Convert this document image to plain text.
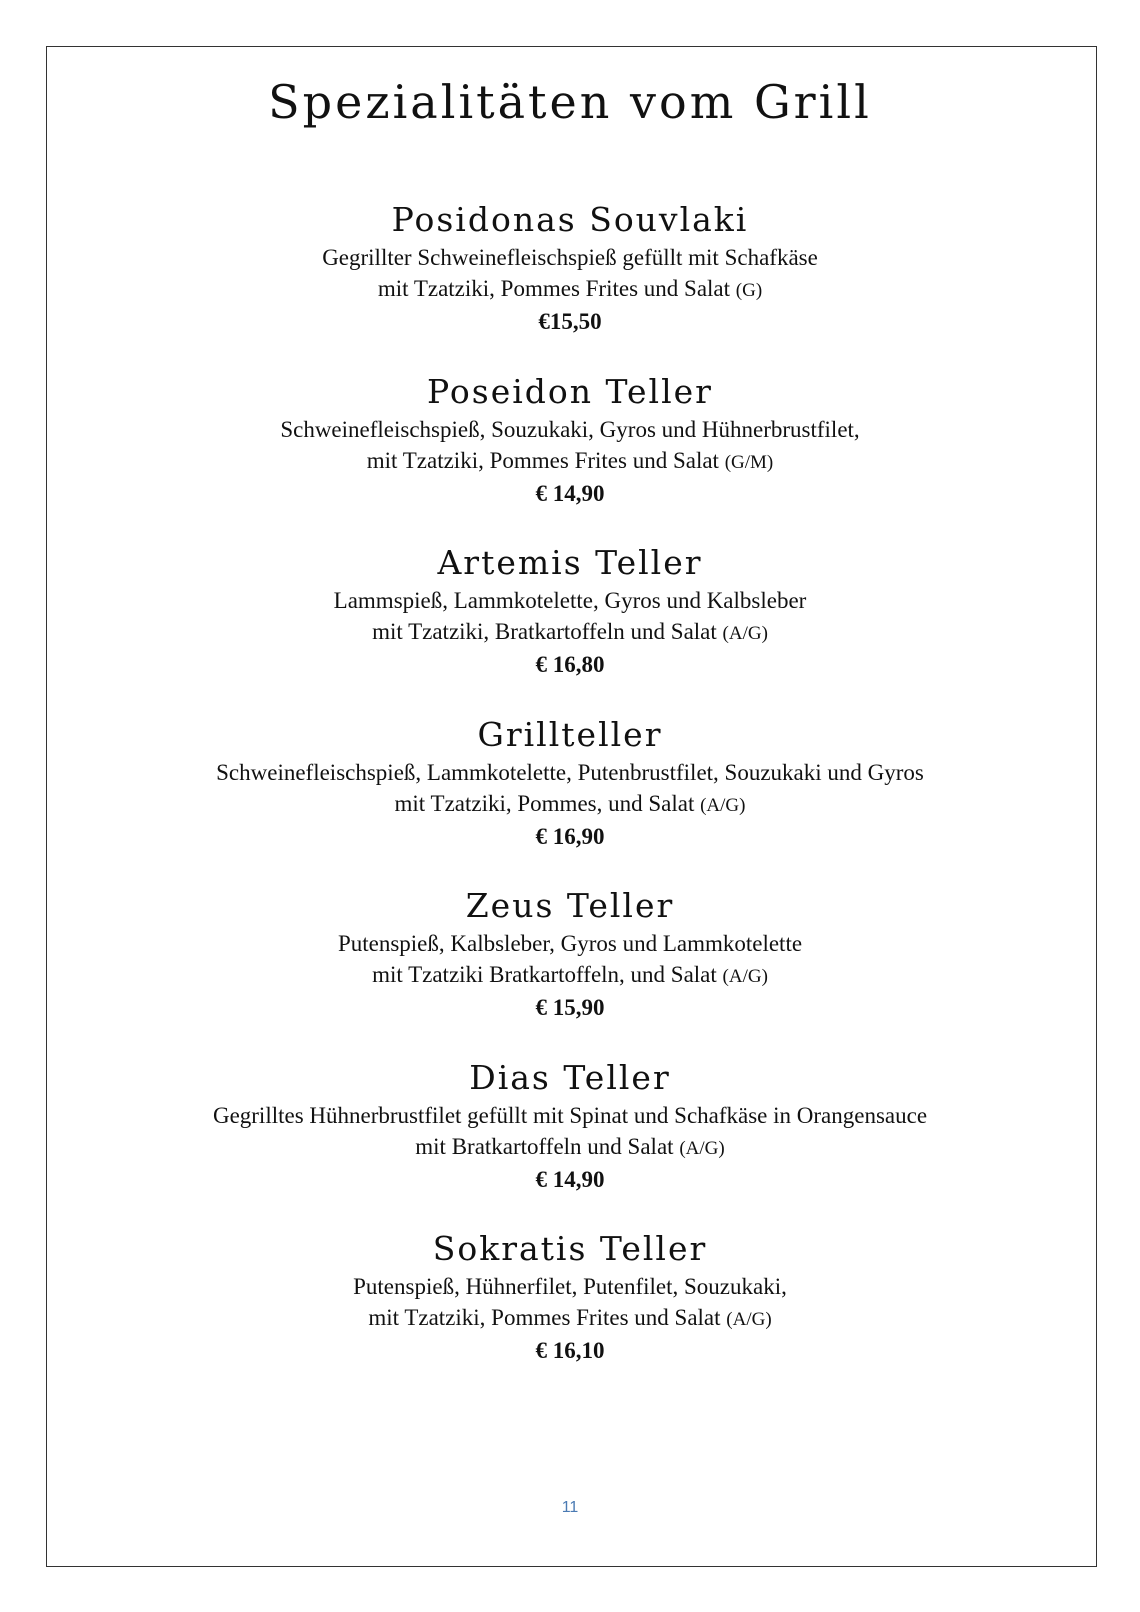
Spezialitäten vom Grill
Posidonas Souvlaki

Gegrillter Schweinefleischspieß gefüllt mit Schafkäse

mit Tzatziki, Pommes Frites und Salat (G)

€15,50

Poseidon Teller

Schweinefleischspieß, Souzukaki, Gyros und Hühnerbrustfilet,

mit Tzatziki, Pommes Frites und Salat (G/M)

€ 14,90

Artemis Teller

Lammspieß, Lammkotelette, Gyros und Kalbsleber

mit Tzatziki, Bratkartoffeln und Salat (A/G)

€ 16,80

Grillteller

Schweinefleischspieß, Lammkotelette, Putenbrustfilet, Souzukaki und Gyros

mit Tzatziki, Pommes, und Salat (A/G)

€ 16,90

Zeus Teller

Putenspieß, Kalbsleber, Gyros und Lammkotelette

mit Tzatziki Bratkartoffeln, und Salat (A/G)

€ 15,90

Dias Teller

Gegrilltes Hühnerbrustfilet gefüllt mit Spinat und Schafkäse in Orangensauce

mit Bratkartoffeln und Salat (A/G)

€ 14,90

Sokratis Teller

Putenspieß, Hühnerfilet, Putenfilet, Souzukaki,

mit Tzatziki, Pommes Frites und Salat (A/G)

€ 16,10

11
